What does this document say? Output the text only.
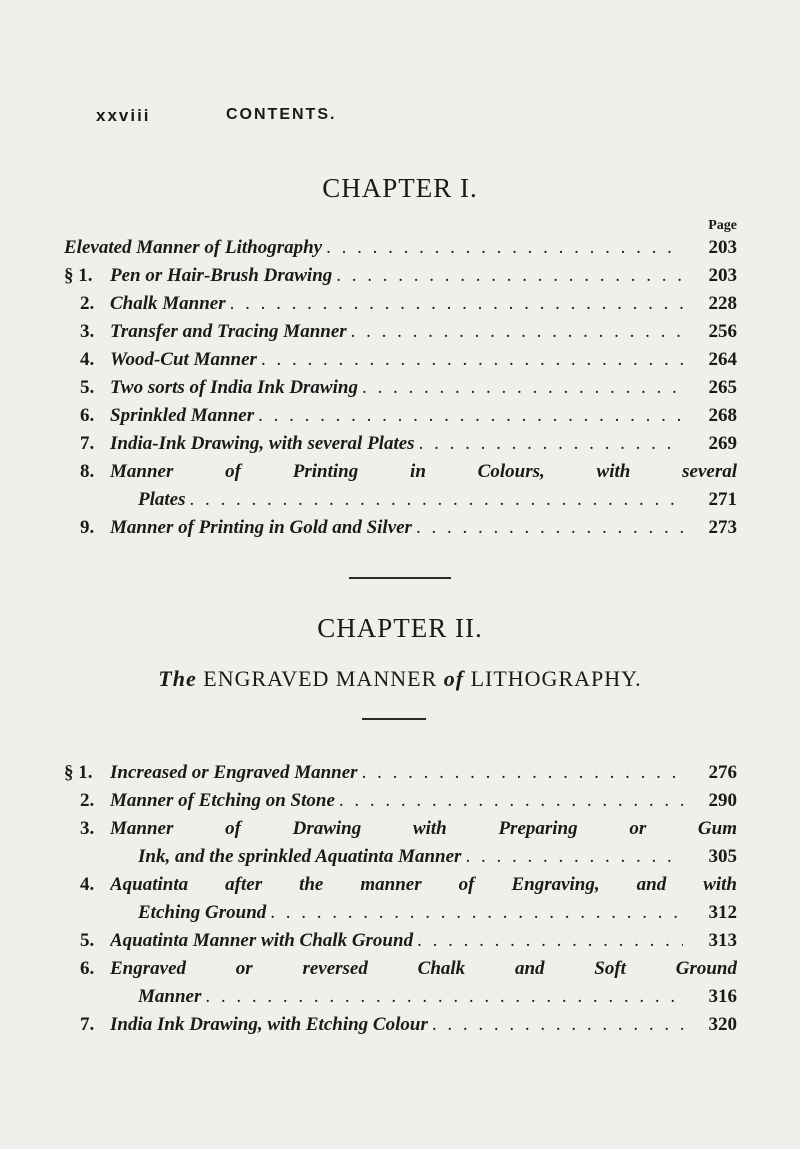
xxviii	CONTENTS.
CHAPTER I.
Page
Elevated Manner of Lithography . . .	203
§ 1. Pen or Hair-Brush Drawing . . .	203
2. Chalk Manner . . .	228
3. Transfer and Tracing Manner . . .	256
4. Wood-Cut Manner . . .	264
5. Two sorts of India Ink Drawing . . .	265
6. Sprinkled Manner . . .	268
7. India-Ink Drawing, with several Plates . . .	269
8. Manner of Printing in Colours, with several
Plates . . .	271
9. Manner of Printing in Gold and Silver . . .	273
CHAPTER II.
The ENGRAVED MANNER of LITHOGRAPHY.
§ 1. Increased or Engraved Manner . . .	276
2. Manner of Etching on Stone . . .	290
3. Manner of Drawing with Preparing or Gum
Ink, and the sprinkled Aquatinta Manner . . .	305
4. Aquatinta after the manner of Engraving, and with
Etching Ground . . .	312
5. Aquatinta Manner with Chalk Ground . . .	313
6. Engraved or reversed Chalk and Soft Ground
Manner . . .	316
7. India Ink Drawing, with Etching Colour . . .	320
